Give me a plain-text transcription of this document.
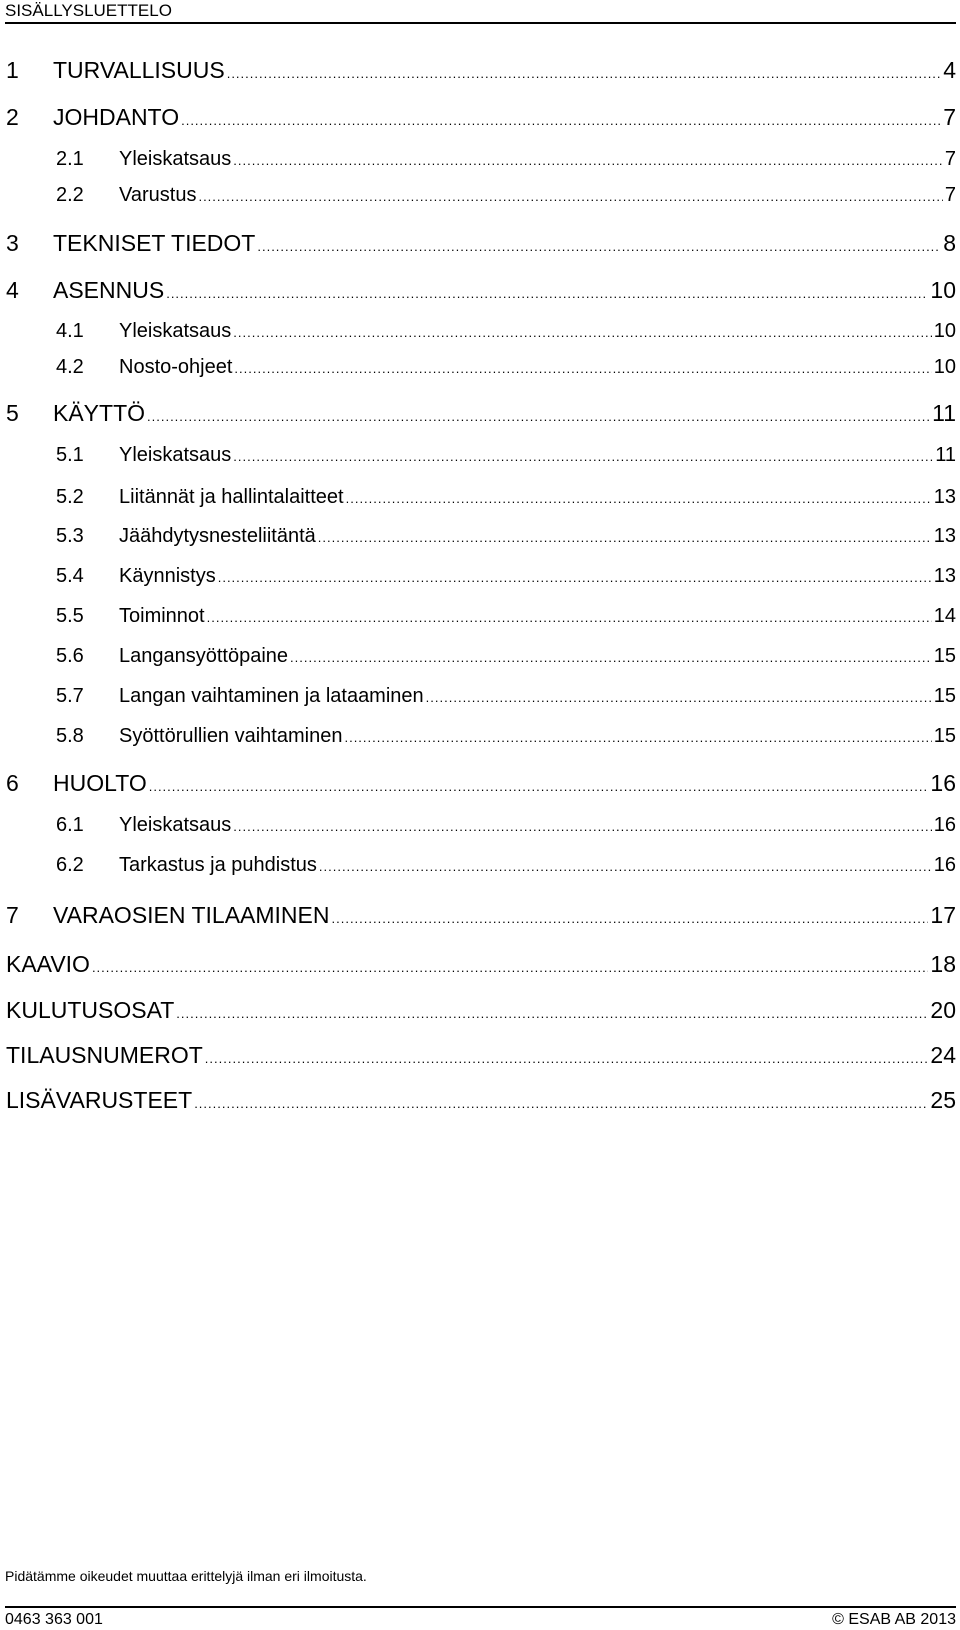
SISÄLLYSLUETTELO
1	TURVALLISUUS .....	4
2	JOHDANTO .....	7
2.1	Yleiskatsaus .....	7
2.2	Varustus .....	7
3	TEKNISET TIEDOT .....	8
4	ASENNUS .....	10
4.1	Yleiskatsaus .....	10
4.2	Nosto-ohjeet .....	10
5	KÄYTTÖ .....	11
5.1	Yleiskatsaus .....	11
5.2	Liitännät ja hallintalaitteet .....	13
5.3	Jäähdytysnesteliitäntä .....	13
5.4	Käynnistys .....	13
5.5	Toiminnot .....	14
5.6	Langansyöttöpaine .....	15
5.7	Langan vaihtaminen ja lataaminen .....	15
5.8	Syöttörullien vaihtaminen .....	15
6	HUOLTO .....	16
6.1	Yleiskatsaus .....	16
6.2	Tarkastus ja puhdistus .....	16
7	VARAOSIEN TILAAMINEN .....	17
KAAVIO .....	18
KULUTUSOSAT .....	20
TILAUSNUMEROT .....	24
LISÄVARUSTEET .....	25
Pidätämme oikeudet muuttaa erittelyjä ilman eri ilmoitusta.
0463 363 001	© ESAB AB 2013
